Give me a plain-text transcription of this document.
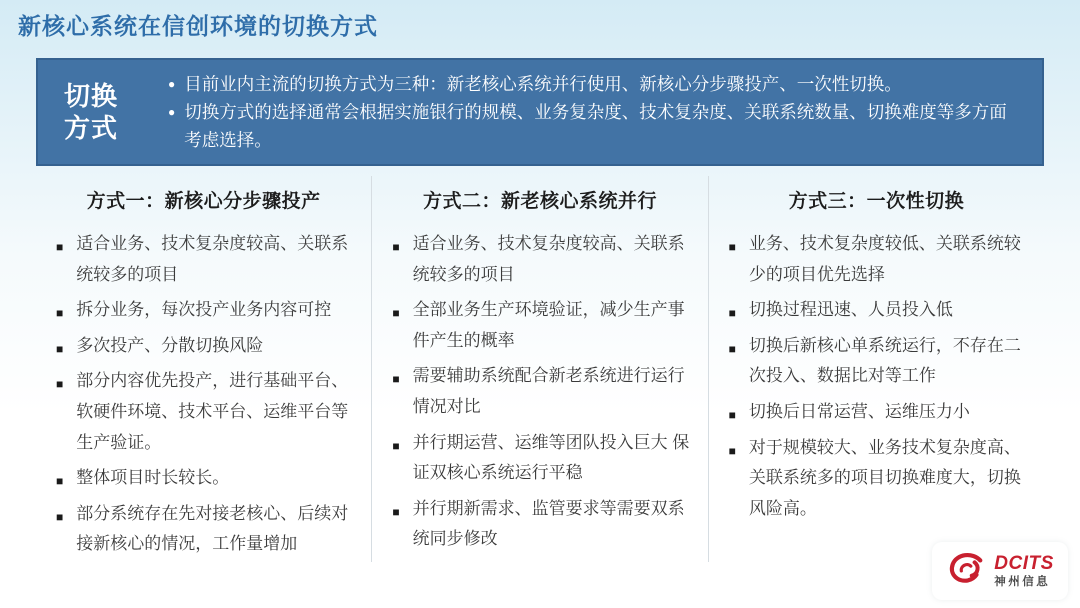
新核心系统在信创环境的切换方式
切换
方式
● 目前业内主流的切换方式为三种：新老核心系统并行使用、新核心分步骤投产、一次性切换。
● 切换方式的选择通常会根据实施银行的规模、业务复杂度、技术复杂度、关联系统数量、切换难度等多方面考虑选择。
方式一：新核心分步骤投产
■ 适合业务、技术复杂度较高、关联系统较多的项目
■ 拆分业务，每次投产业务内容可控
■ 多次投产、分散切换风险
■ 部分内容优先投产，进行基础平台、软硬件环境、技术平台、运维平台等生产验证。
■ 整体项目时长较长。
■ 部分系统存在先对接老核心、后续对接新核心的情况，工作量增加
方式二：新老核心系统并行
■ 适合业务、技术复杂度较高、关联系统较多的项目
■ 全部业务生产环境验证，减少生产事件产生的概率
■ 需要辅助系统配合新老系统进行运行情况对比
■ 并行期运营、运维等团队投入巨大 保证双核心系统运行平稳
■ 并行期新需求、监管要求等需要双系统同步修改
方式三：一次性切换
■ 业务、技术复杂度较低、关联系统较少的项目优先选择
■ 切换过程迅速、人员投入低
■ 切换后新核心单系统运行，不存在二次投入、数据比对等工作
■ 切换后日常运营、运维压力小
■ 对于规模较大、业务技术复杂度高、关联系统多的项目切换难度大，切换风险高。
DCITS
神州信息
